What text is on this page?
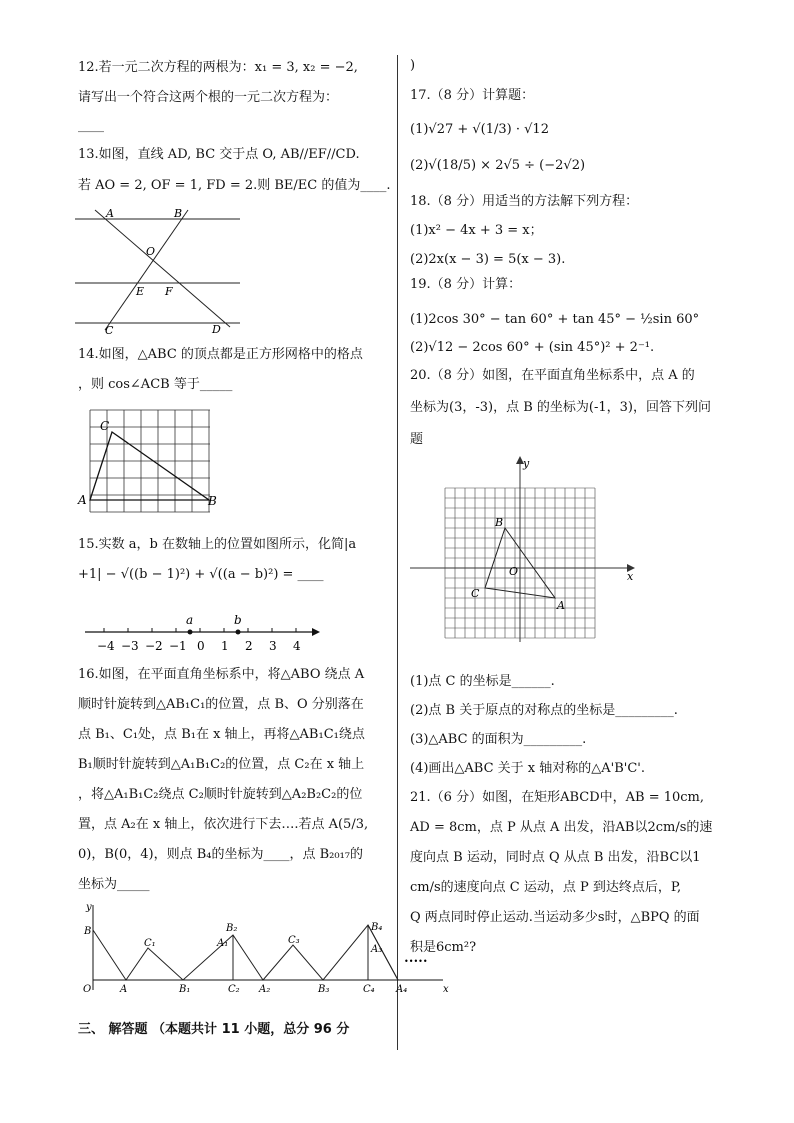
12.若一元二次方程的两根为：x₁ = 3, x₂ = −2,
请写出一个符合这两个根的一元二次方程为：
____
13.如图，直线 AD, BC 交于点 O, AB//EF//CD.
若 AO = 2, OF = 1, FD = 2.则 BE/EC 的值为____.
A	B
O
E F
C	D
14.如图，△ABC 的顶点都是正方形网格中的格点
，则 cos∠ACB 等于_____
A
C
B
15.实数 a，b 在数轴上的位置如图所示，化简|a
+1| − √((b − 1)²) + √((a − b)²) = ____
−4 −3 −2 −1 0 1 2 3 4
a	b
16.如图，在平面直角坐标系中，将△ABO 绕点 A
顺时针旋转到△AB₁C₁的位置，点 B、O 分别落在
点 B₁、C₁处，点 B₁在 x 轴上，再将△AB₁C₁绕点
B₁顺时针旋转到△A₁B₁C₂的位置，点 C₂在 x 轴上
，将△A₁B₁C₂绕点 C₂顺时针旋转到△A₂B₂C₂的位
置，点 A₂在 x 轴上，依次进行下去….若点 A(5/3,
0)，B(0，4)，则点 B₄的坐标为____，点 B₂₀₁₇的
坐标为_____
y
x
O
B
A
C₁
B₁
A₁
B₂
C₂ A₂
C₃
B₃
B₄
A₃
C₄ A₄
•••••
三、 解答题 （本题共计 11 小题，总分 96 分
)
17.（8 分）计算题：
(1)√27 + √(1/3) · √12
(2)√(18/5) × 2√5 ÷ (−2√2)
18.（8 分）用适当的方法解下列方程：
(1)x² − 4x + 3 = x；
(2)2x(x − 3) = 5(x − 3).
19.（8 分）计算：
(1)2cos 30° − tan 60° + tan 45° − ½sin 60°
(2)√12 − 2cos 60° + (sin 45°)² + 2⁻¹.
20.（8 分）如图，在平面直角坐标系中，点 A 的
坐标为(3，-3)，点 B 的坐标为(-1，3)，回答下列问
题
y
x
O
B
A
C
(1)点 C 的坐标是______.
(2)点 B 关于原点的对称点的坐标是_________.
(3)△ABC 的面积为_________.
(4)画出△ABC 关于 x 轴对称的△A'B'C'.
21.（6 分）如图，在矩形ABCD中，AB = 10cm,
AD = 8cm，点 P 从点 A 出发，沿AB以2cm/s的速
度向点 B 运动，同时点 Q 从点 B 出发，沿BC以1
cm/s的速度向点 C 运动，点 P 到达终点后，P,
Q 两点同时停止运动.当运动多少s时，△BPQ 的面
积是6cm²?
